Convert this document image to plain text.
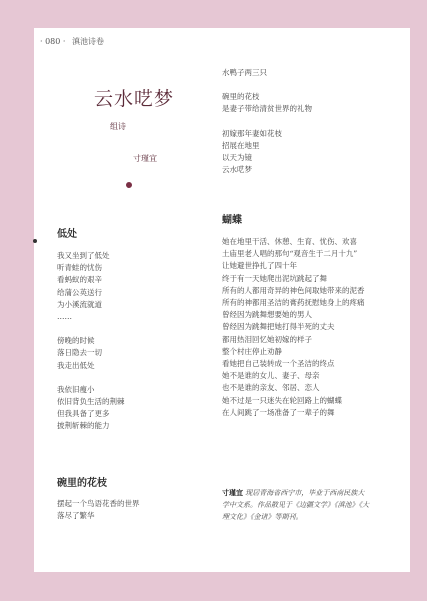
· 080 · 滇池诗卷
云水呓梦
组诗
寸瑾宜
低处
我又坐到了低处
听青蛙的忧伤
看蚂蚁的艰辛
给蒲公英送行
为小溪流就道
……
傍晚的时候
落日隐去一切
我走出低处
我依旧瘦小
依旧背负生活的荆棘
但我具备了更多
披荆斩棘的能力
碗里的花枝
摆起一个鸟语花香的世界
落尽了繁华
水鸭子两三只
碗里的花枝
是妻子带给清贫世界的礼物
初嫁那年妻如花枝
招展在地里
以天为镜
云水呓梦
蝴蝶
她在地里干活、休憩、生育、忧伤、欢喜
土庙里老人唱的那句“观音生于二月十九”
让她避世挣扎了四十年
终于有一天她爬出泥坑跳起了舞
所有的人都用奇异的神色间取她带来的泥香
所有的神都用圣洁的膏药抚慰她身上的疼痛
曾经因为跳舞想要她的男人
曾经因为跳舞把她打得半死的丈夫
都用热泪回忆她初嫁的样子
整个村庄停止劝静
看她把自己装转成一个圣洁的终点
她不是谁的女儿、妻子、母亲
也不是谁的亲友、邻居、恋人
她不过是一只迷失在轮回路上的蝴蝶
在人间跳了一场准备了一辈子的舞
寸瑾宜 现居青海省西宁市，毕业于西南民族大学中文系。作品散见于《边疆文学》《滇池》《大理文化》《金诸》等期刊。
